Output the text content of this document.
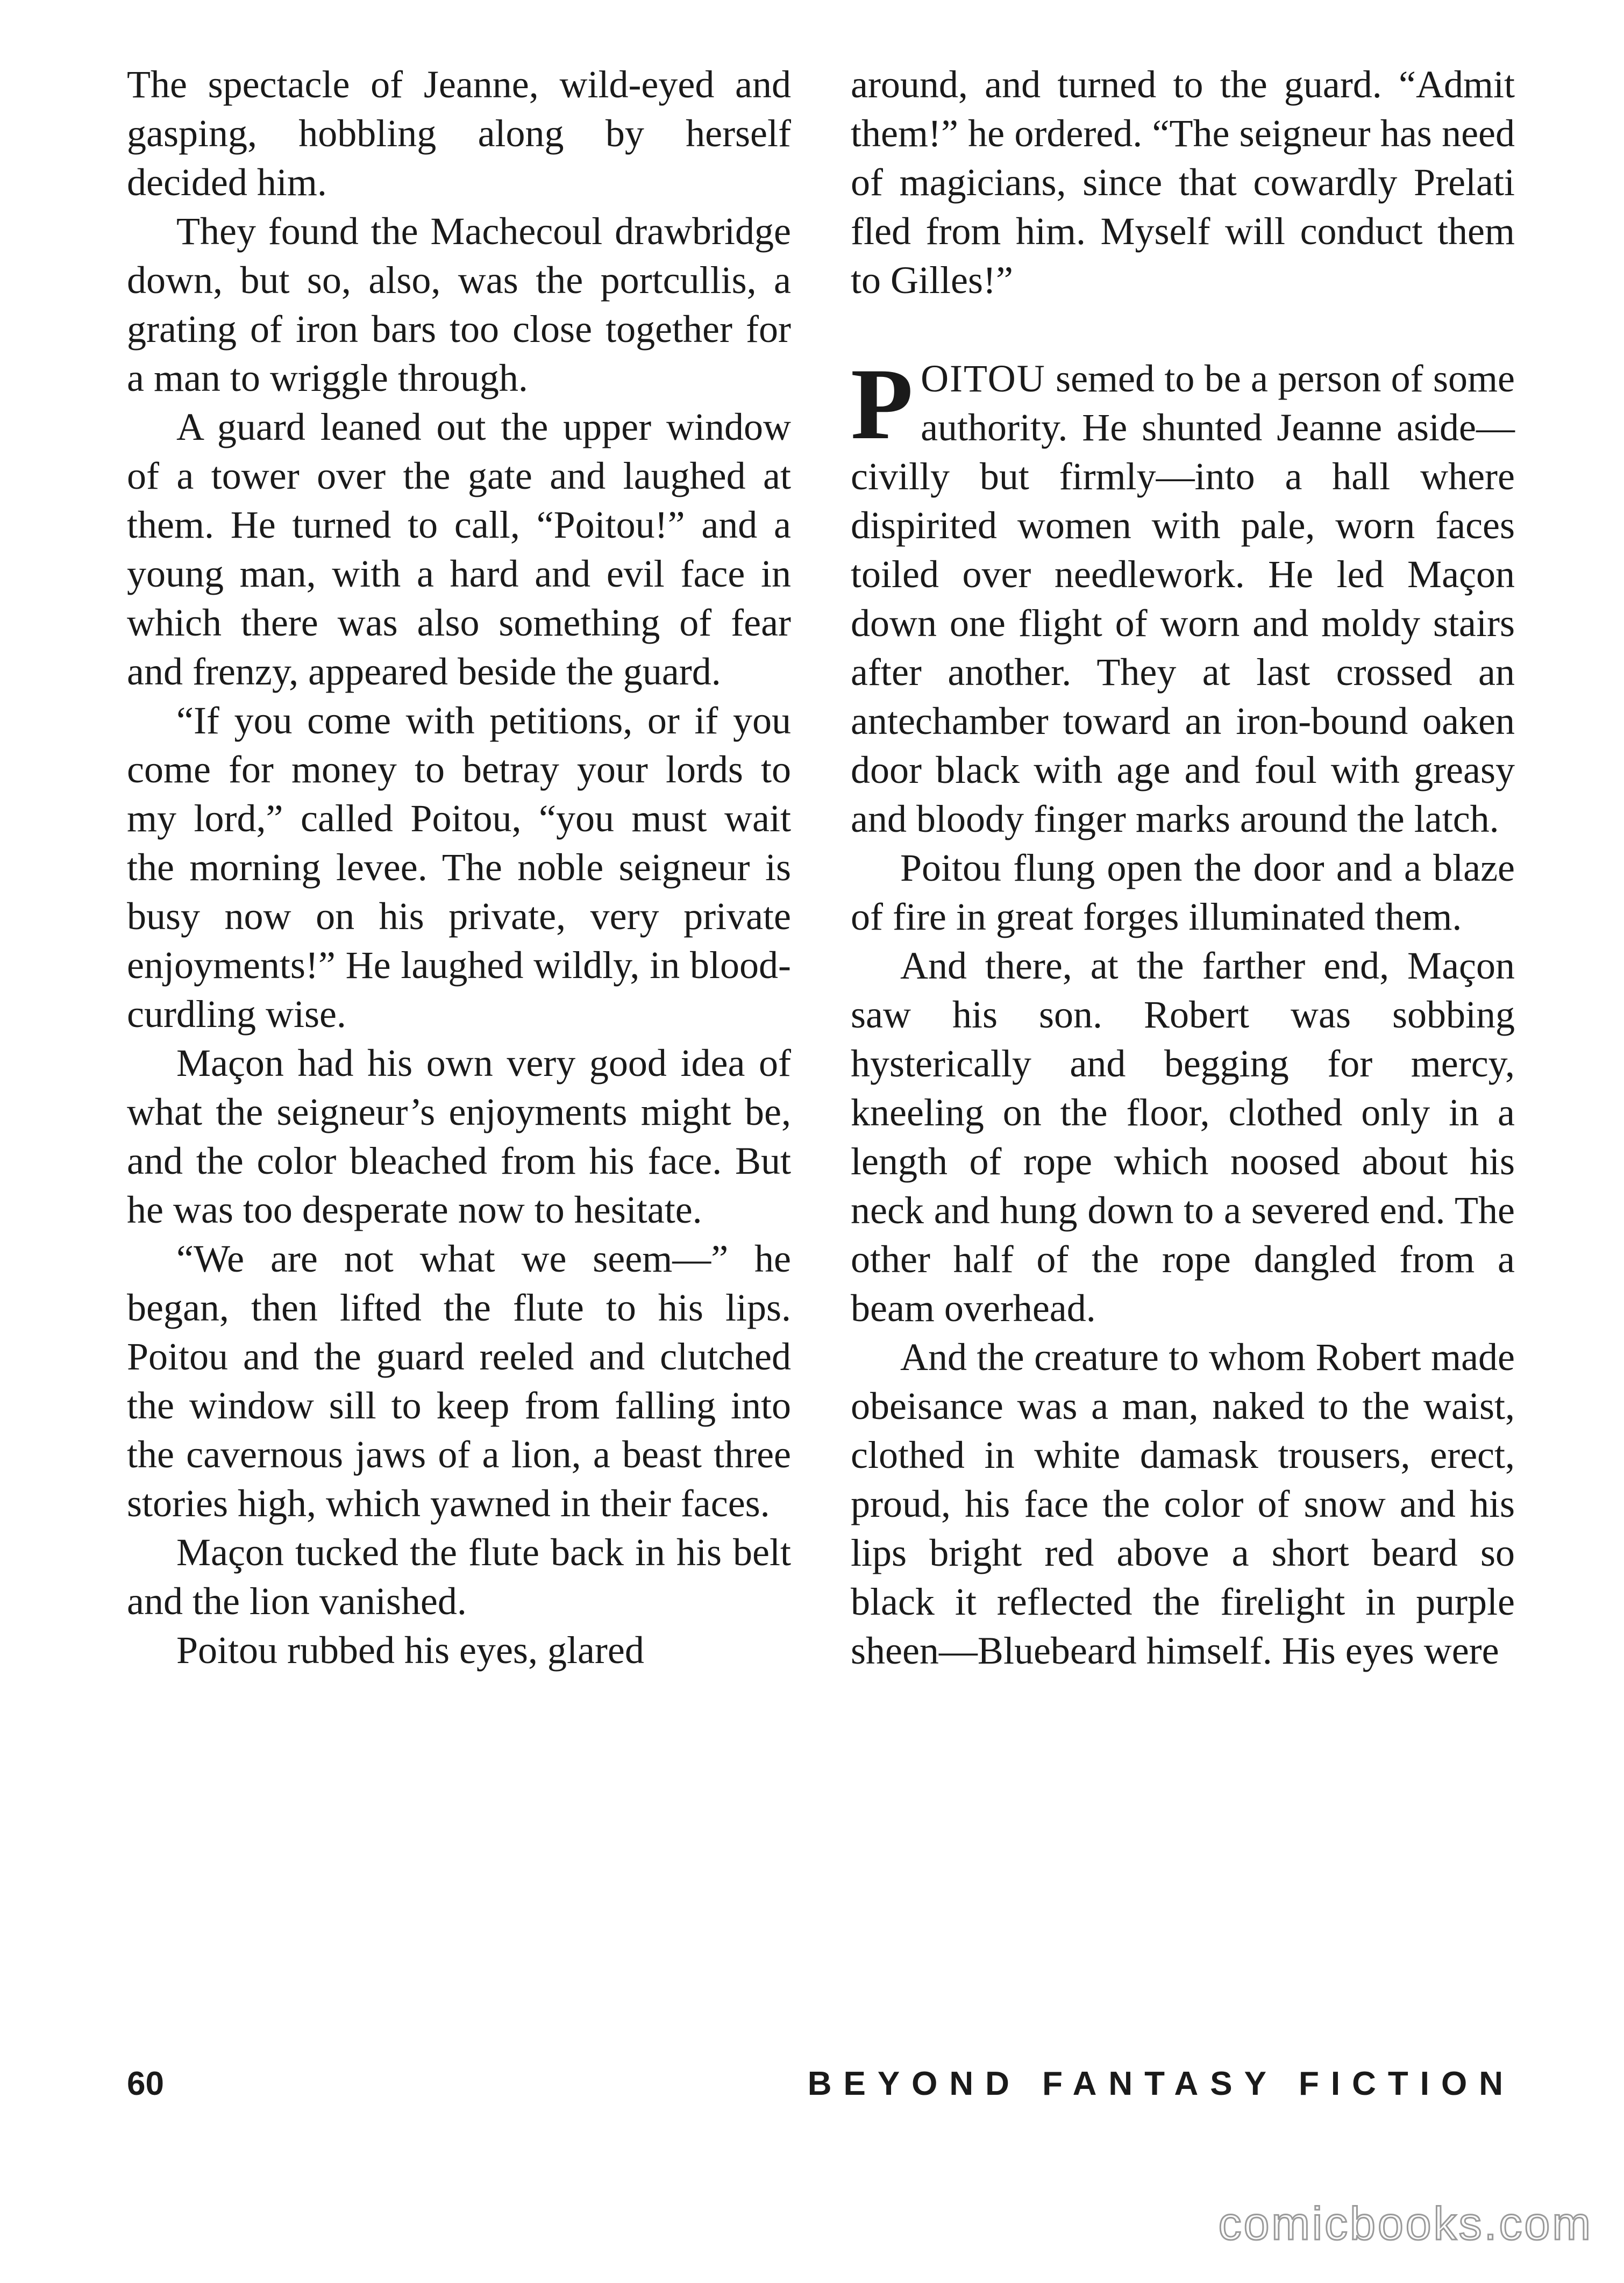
The spectacle of Jeanne, wild-eyed and gasping, hobbling along by herself decided him.

They found the Machecoul drawbridge down, but so, also, was the portcullis, a grating of iron bars too close together for a man to wriggle through.

A guard leaned out the upper window of a tower over the gate and laughed at them. He turned to call, “Poitou!” and a young man, with a hard and evil face in which there was also something of fear and frenzy, appeared beside the guard.

“If you come with petitions, or if you come for money to betray your lords to my lord,” called Poitou, “you must wait the morning levee. The noble seigneur is busy now on his private, very private enjoyments!” He laughed wildly, in blood-curdling wise.

Maçon had his own very good idea of what the seigneur’s enjoyments might be, and the color bleached from his face. But he was too desperate now to hesitate.

“We are not what we seem—” he began, then lifted the flute to his lips. Poitou and the guard reeled and clutched the window sill to keep from falling into the cavernous jaws of a lion, a beast three stories high, which yawned in their faces.

Maçon tucked the flute back in his belt and the lion vanished.

Poitou rubbed his eyes, glared

around, and turned to the guard. “Admit them!” he ordered. “The seigneur has need of magicians, since that cowardly Prelati fled from him. Myself will conduct them to Gilles!”

POITOU semed to be a person of some authority. He shunted Jeanne aside—civilly but firmly—into a hall where dispirited women with pale, worn faces toiled over needlework. He led Maçon down one flight of worn and moldy stairs after another. They at last crossed an antechamber toward an iron-bound oaken door black with age and foul with greasy and bloody finger marks around the latch.

Poitou flung open the door and a blaze of fire in great forges illuminated them.

And there, at the farther end, Maçon saw his son. Robert was sobbing hysterically and begging for mercy, kneeling on the floor, clothed only in a length of rope which noosed about his neck and hung down to a severed end. The other half of the rope dangled from a beam overhead.

And the creature to whom Robert made obeisance was a man, naked to the waist, clothed in white damask trousers, erect, proud, his face the color of snow and his lips bright red above a short beard so black it reflected the firelight in purple sheen—Bluebeard himself. His eyes were

60	BEYOND FANTASY FICTION
comicbooks.com
